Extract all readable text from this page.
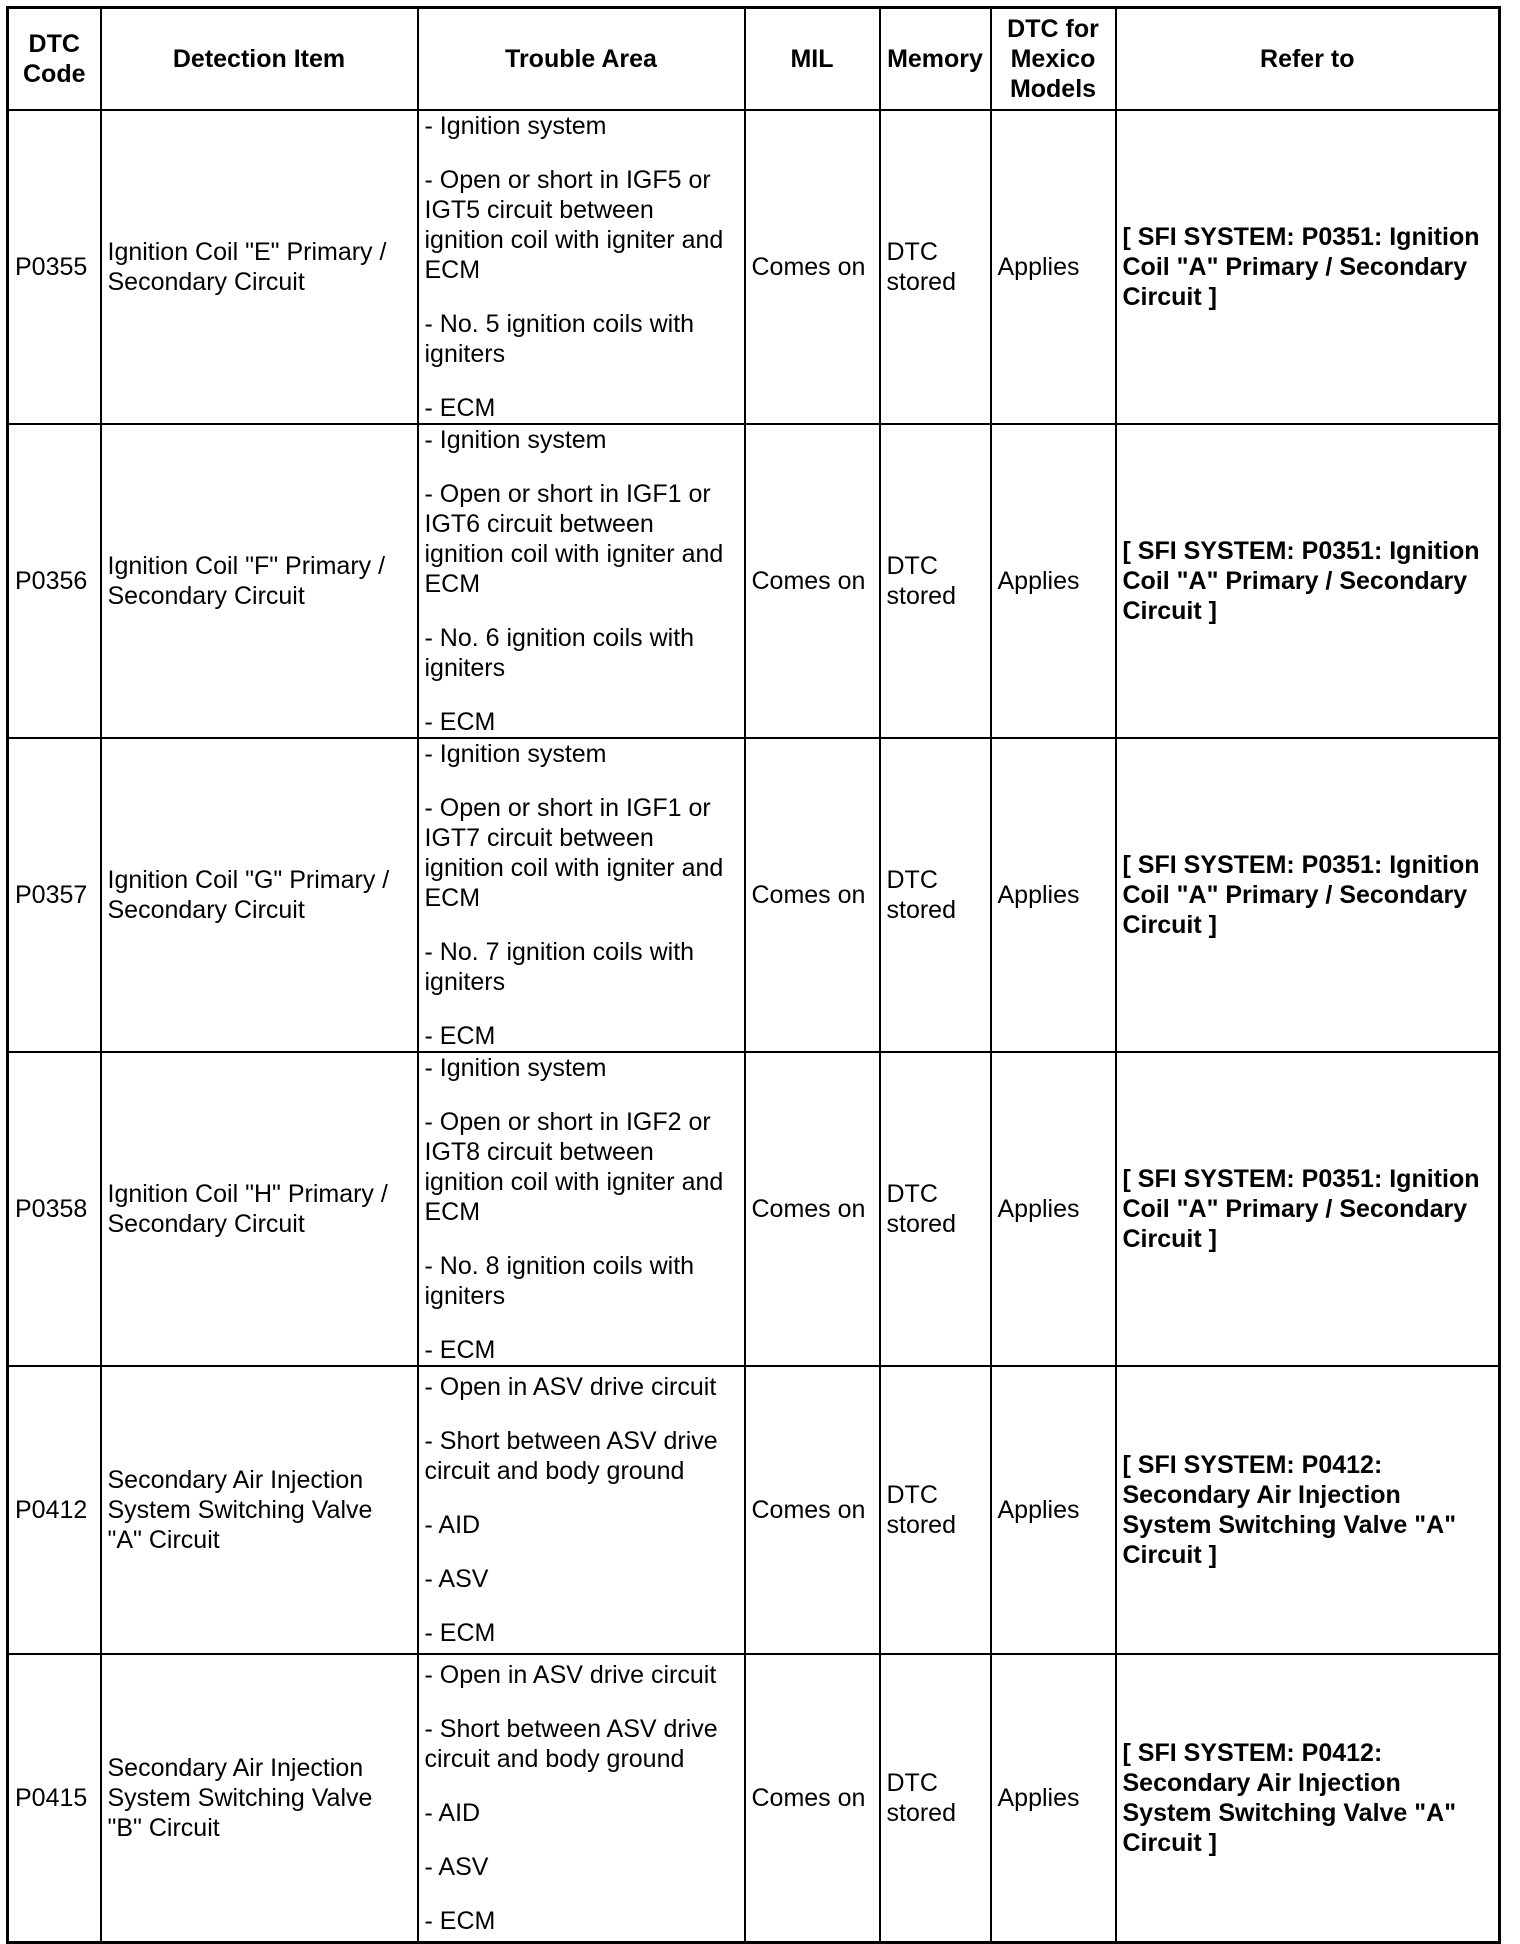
DTC Code	Detection Item	Trouble Area	MIL	Memory	DTC for Mexico Models	Refer to
P0355	Ignition Coil "E" Primary / Secondary Circuit	- Ignition system

- Open or short in IGF5 or IGT5 circuit between ignition coil with igniter and ECM

- No. 5 ignition coils with igniters

- ECM	Comes on	DTC stored	Applies	[ SFI SYSTEM: P0351: Ignition Coil "A" Primary / Secondary Circuit ]
P0356	Ignition Coil "F" Primary / Secondary Circuit	- Ignition system

- Open or short in IGF1 or IGT6 circuit between ignition coil with igniter and ECM

- No. 6 ignition coils with igniters

- ECM	Comes on	DTC stored	Applies	[ SFI SYSTEM: P0351: Ignition Coil "A" Primary / Secondary Circuit ]
P0357	Ignition Coil "G" Primary / Secondary Circuit	- Ignition system

- Open or short in IGF1 or IGT7 circuit between ignition coil with igniter and ECM

- No. 7 ignition coils with igniters

- ECM	Comes on	DTC stored	Applies	[ SFI SYSTEM: P0351: Ignition Coil "A" Primary / Secondary Circuit ]
P0358	Ignition Coil "H" Primary / Secondary Circuit	- Ignition system

- Open or short in IGF2 or IGT8 circuit between ignition coil with igniter and ECM

- No. 8 ignition coils with igniters

- ECM	Comes on	DTC stored	Applies	[ SFI SYSTEM: P0351: Ignition Coil "A" Primary / Secondary Circuit ]
P0412	Secondary Air Injection System Switching Valve "A" Circuit	- Open in ASV drive circuit

- Short between ASV drive circuit and body ground

- AID

- ASV

- ECM	Comes on	DTC stored	Applies	[ SFI SYSTEM: P0412: Secondary Air Injection System Switching Valve "A" Circuit ]
P0415	Secondary Air Injection System Switching Valve "B" Circuit	- Open in ASV drive circuit

- Short between ASV drive circuit and body ground

- AID

- ASV

- ECM	Comes on	DTC stored	Applies	[ SFI SYSTEM: P0412: Secondary Air Injection System Switching Valve "A" Circuit ]
